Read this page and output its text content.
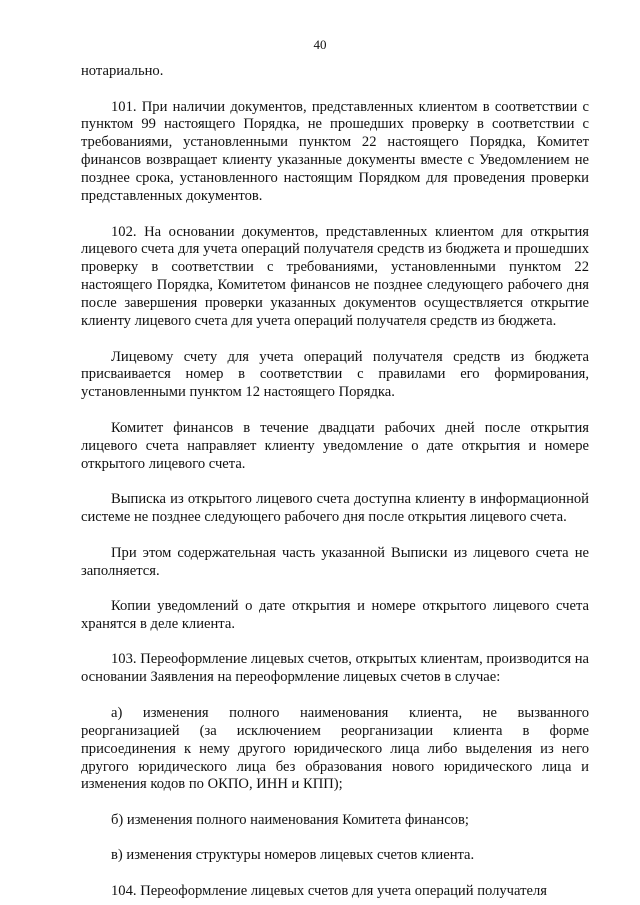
40

нотариально.

101. При наличии документов, представленных клиентом в соответствии с пунктом 99 настоящего Порядка, не прошедших проверку в соответствии с требованиями, установленными пунктом 22 настоящего Порядка, Комитет финансов возвращает клиенту указанные документы вместе с Уведомлением не позднее срока, установленного настоящим Порядком для проведения проверки представленных документов.

102. На основании документов, представленных клиентом для открытия лицевого счета для учета операций получателя средств из бюджета и прошедших проверку в соответствии с требованиями, установленными пунктом 22 настоящего Порядка, Комитетом финансов не позднее следующего рабочего дня после завершения проверки указанных документов осуществляется открытие клиенту лицевого счета для учета операций получателя средств из бюджета.

Лицевому счету для учета операций получателя средств из бюджета присваивается номер в соответствии с правилами его формирования, установленными пунктом 12 настоящего Порядка.

Комитет финансов в течение двадцати рабочих дней после открытия лицевого счета направляет клиенту уведомление о дате открытия и номере открытого лицевого счета.

Выписка из открытого лицевого счета доступна клиенту в информационной системе не позднее следующего рабочего дня после открытия лицевого счета.

При этом содержательная часть указанной Выписки из лицевого счета не заполняется.

Копии уведомлений о дате открытия и номере открытого лицевого счета хранятся в деле клиента.

103. Переоформление лицевых счетов, открытых клиентам, производится на основании Заявления на переоформление лицевых счетов в случае:

а) изменения полного наименования клиента, не вызванного реорганизацией (за исключением реорганизации клиента в форме присоединения к нему другого юридического лица либо выделения из него другого юридического лица без образования нового юридического лица и изменения кодов по ОКПО, ИНН и КПП);

б) изменения полного наименования Комитета финансов;

в) изменения структуры номеров лицевых счетов клиента.

104. Переоформление лицевых счетов для учета операций получателя
